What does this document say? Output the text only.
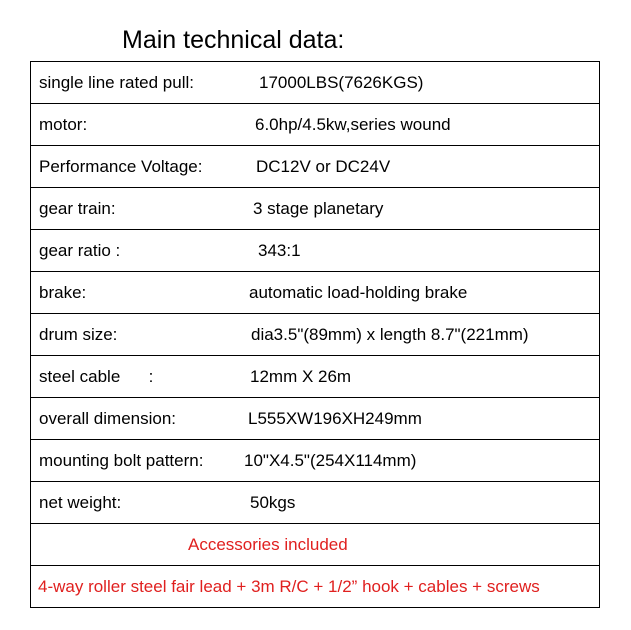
Main technical data:
single line rated pull:	17000LBS(7626KGS)

motor:	6.0hp/4.5kw,series wound

Performance Voltage:	DC12V or DC24V

gear train:	3 stage planetary

gear ratio :	343:1

brake:	automatic load-holding brake

drum size:	dia3.5"(89mm) x length 8.7"(221mm)

steel cable      :	12mm X 26m

overall dimension:	L555XW196XH249mm

mounting bolt pattern: 10"X4.5"(254X114mm)

net weight:	50kgs

Accessories included

4-way roller steel fair lead + 3m R/C + 1/2” hook + cables + screws
